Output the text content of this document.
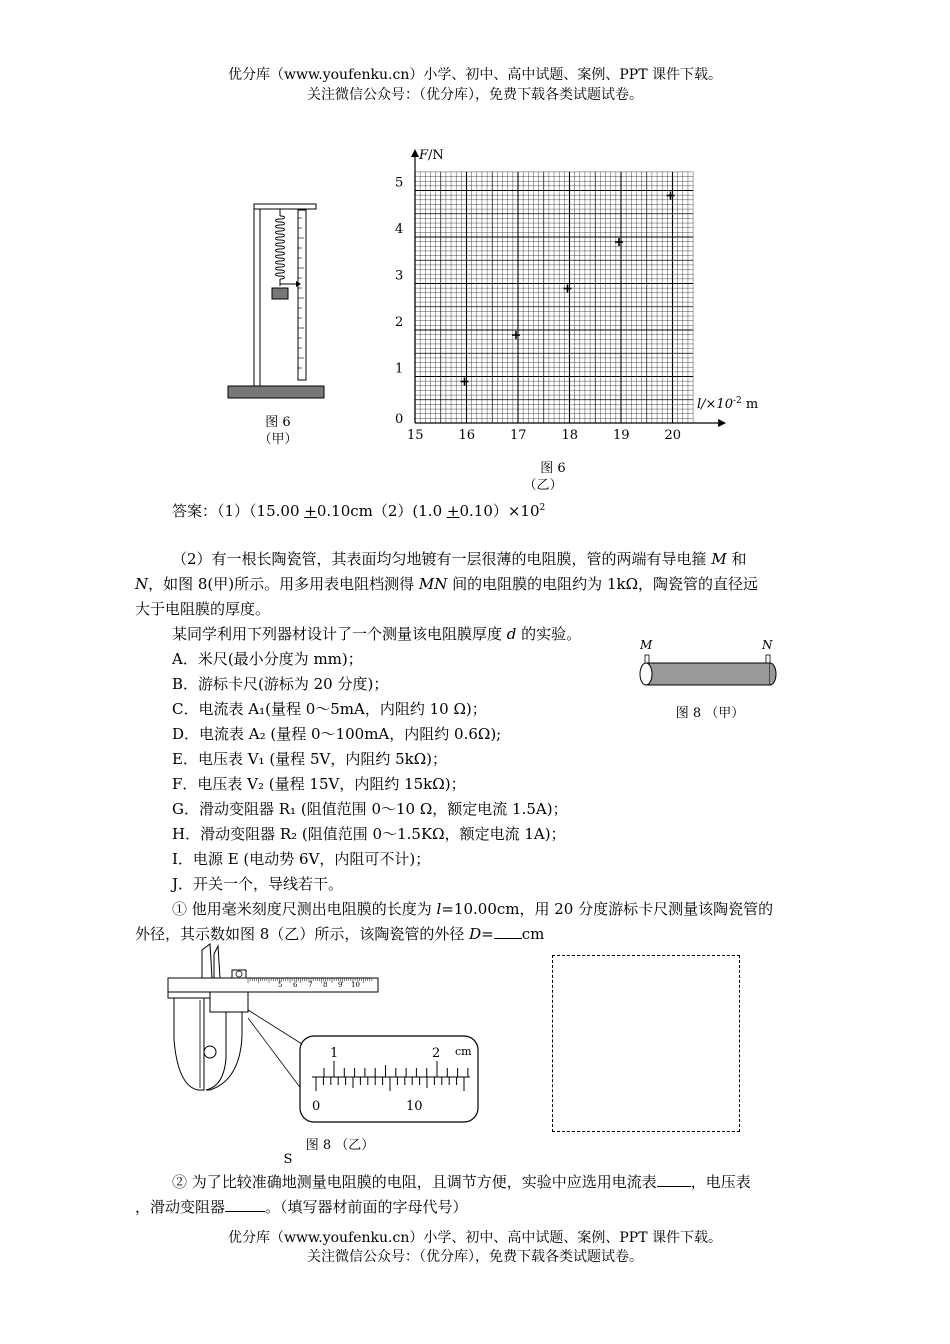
优分库（www.youfenku.cn）小学、初中、高中试题、案例、PPT 课件下载。
关注微信公众号：（优分库），免费下载各类试题试卷。
图 6
（甲）	15	16	17	18	19	20
1
2
3
4
5
F/N
$l/\times 10^{-2}$ m
0
图 6
（乙）
答案：$(1)(15.00 +0.10cm(2)(1.0 +0.10)\times 10^2$
（2）有一根长陶瓷管，其表面均匀地镀有一层很薄的电阻膜，管的两端有导电箍 M 和
N，如图 8(甲)所示。用多用表电阻档测得 MN 间的电阻膜的电阻约为 1kΩ，陶瓷管的直径远
大于电阻膜的厚度。
某同学利用下列器材设计了一个测量该电阻膜厚度 d 的实验。
A．米尺(最小分度为 mm)；
B．游标卡尺(游标为 20 分度)；
C．电流表 A₁(量程 0～5mA，内阻约 10 Ω)；
D．电流表 A₂ (量程 0～100mA，内阻约 0.6Ω);
E．电压表 V₁ (量程 5V，内阻约 5kΩ)；
F．电压表 V₂ (量程 15V，内阻约 15kΩ)；
G．滑动变阻器 R₁ (阻值范围 0～10 Ω，额定电流 1.5A)；
H．滑动变阻器 R₂ (阻值范围 0～1.5KΩ，额定电流 1A)；
I．电源 E (电动势 6V，内阻可不计)；
J．开关一个，导线若干。
M	N
图 8 （甲）
① 他用毫米刻度尺测出电阻膜的长度为 l=10.00cm，用 20 分度游标卡尺测量该陶瓷管的
外径，其示数如图 8（乙）所示，该陶瓷管的外径 D= cm
5 6 7 8 9 10
1	2 cm
0	10
图 8 （乙）
S
② 为了比较准确地测量电阻膜的电阻，且调节方便，实验中应选用电流表 ，电压表
，滑动变阻器	。（填写器材前面的字母代号）
优分库（www.youfenku.cn）小学、初中、高中试题、案例、PPT 课件下载。
关注微信公众号：（优分库），免费下载各类试题试卷。
